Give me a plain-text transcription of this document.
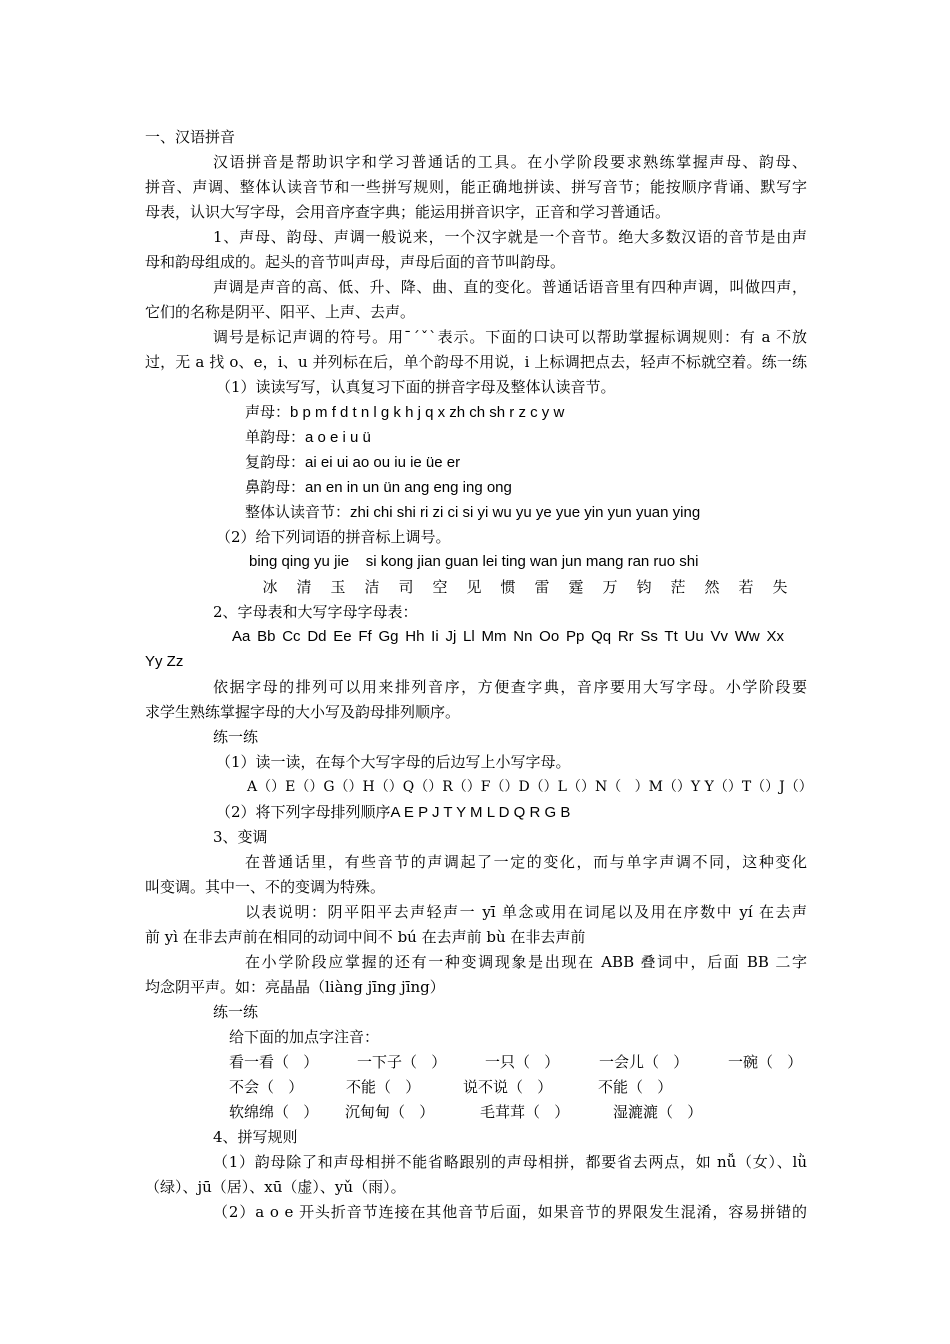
一、汉语拼音
汉语拼音是帮助识字和学习普通话的工具。在小学阶段要求熟练掌握声母、韵母、
拼音、声调、整体认读音节和一些拼写规则，能正确地拼读、拼写音节；能按顺序背诵、默写字
母表，认识大写字母，会用音序查字典；能运用拼音识字，正音和学习普通话。
1、声母、韵母、声调一般说来，一个汉字就是一个音节。绝大多数汉语的音节是由声
母和韵母组成的。起头的音节叫声母，声母后面的音节叫韵母。
声调是声音的高、低、升、降、曲、直的变化。普通话语音里有四种声调，叫做四声，
它们的名称是阴平、阳平、上声、去声。
调号是标记声调的符号。用ˉˊˇˋ表示。下面的口诀可以帮助掌握标调规则：有 a 不放
过，无 a 找 o、e，i、u 并列标在后，单个韵母不用说，i 上标调把点去，轻声不标就空着。练一练
（1）读读写写，认真复习下面的拼音字母及整体认读音节。
声母：b p m f d t n l g k h j q x zh ch sh r z c y w
单韵母：a o e i u ü
复韵母：ai ei ui ao ou iu ie üe er
鼻韵母：an en in un ün ang eng ing ong
整体认读音节：zhi chi shi ri zi ci si yi wu yu ye yue yin yun yuan ying
（2）给下列词语的拼音标上调号。
bing qing yu jie    si kong jian guan lei ting wan jun mang ran ruo shi
冰	清	玉	洁	司	空	见	惯	雷	霆	万	钧	茫	然	若	失
2、字母表和大写字母字母表：
Aa Bb Cc Dd Ee Ff Gg Hh Ii Jj Ll Mm Nn Oo Pp Qq Rr Ss Tt Uu Vv Ww Xx
Yy Zz
依据字母的排列可以用来排列音序，方便查字典，音序要用大写字母。小学阶段要
求学生熟练掌握字母的大小写及韵母排列顺序。
练一练
（1）读一读，在每个大写字母的后边写上小写字母。
A（）E（）G（）H（）Q（）R（）F（）D（）L（）N（   ）M（）Y Y（）T（）J（）
（2）将下列字母排列顺序A E P J T Y M L D Q R G B
3、变调
在普通话里，有些音节的声调起了一定的变化，而与单字声调不同，这种变化
叫变调。其中一、不的变调为特殊。
以表说明：阴平阳平去声轻声一 yī 单念或用在词尾以及用在序数中 yí 在去声
前 yì 在非去声前在相同的动词中间不 bú 在去声前 bù 在非去声前
在小学阶段应掌握的还有一种变调现象是出现在 ABB 叠词中，后面 BB 二字
均念阴平声。如：亮晶晶（liàng jīng jīng）
练一练
给下面的加点字注音：
看一看（   ）	一下子（   ）	一只（   ）	一会儿（   ）	一碗（   ）
不会（   ）	不能（   ）	说不说（   ）	不能（   ）
软绵绵（   ） 沉甸甸（   ）	毛茸茸（   ）	湿漉漉（   ）
4、拼写规则
（1）韵母除了和声母相拼不能省略跟别的声母相拼，都要省去两点，如 nǚ（女）、lǜ
（绿）、jū（居）、xū（虚）、yǔ（雨）。
（2）a o e 开头折音节连接在其他音节后面，如果音节的界限发生混淆，容易拼错的
